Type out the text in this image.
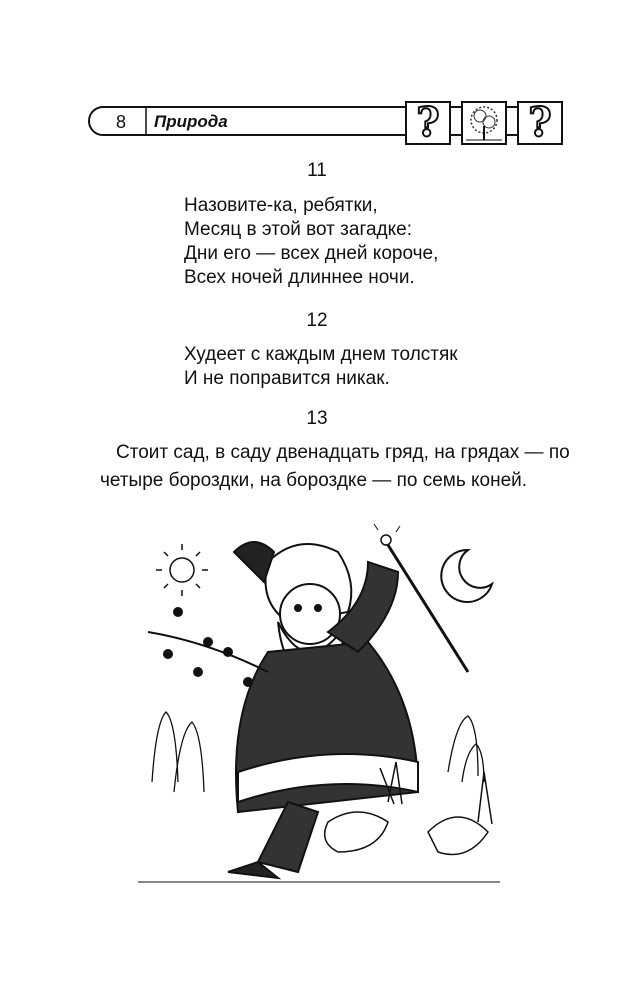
8	Природа	? ?
11
Назовите-ка, ребятки,
Месяц в этой вот загадке:
Дни его — всех дней короче,
Всех ночей длиннее ночи.
12
Худеет с каждым днем толстяк
И не поправится никак.
13
Стоит сад, в саду двенадцать гряд, на грядах — по
четыре бороздки, на бороздке — по семь коней.
